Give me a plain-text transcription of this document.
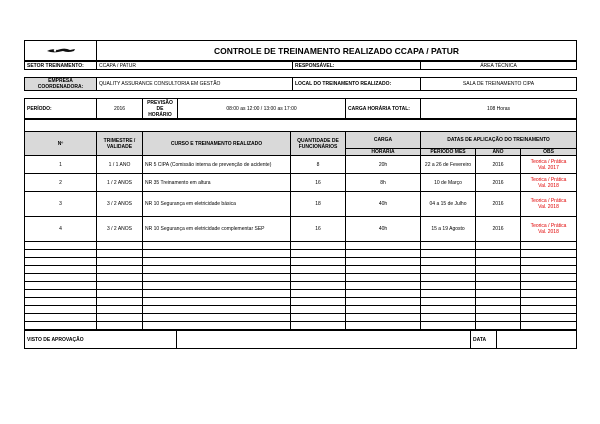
	CONTROLE DE TREINAMENTO REALIZADO CCAPA / PATUR
SETOR TREINAMENTO:	CCAPA / PATUR	RESPONSÁVEL:	ÁREA TÉCNICA
EMPRESA COORDENADORA:	QUALITY ASSURANCE CONSULTORIA EM GESTÃO	LOCAL DO TREINAMENTO REALIZADO:	SALA DE TREINAMENTO CIPA
PERÍODO:	2016	PREVISÃO DE HORÁRIO	08:00 as 12:00 / 13:00 as 17:00	CARGA HORÁRIA TOTAL:	108 Horas

Nº	TRIMESTRE / VALIDADE	CURSO E TREINAMENTO REALIZADO	QUANTIDADE DE FUNCIONÁRIOS	CARGA	DATAS DE APLICAÇÃO DO TREINAMENTO		
				HORÁRIA	PERÍODO MÊS	ANO	OBS
1	1 / 1 ANO	NR 5 CIPA (Comissão interna de prevenção de acidente)	8	20h	22 a 26 de Fevereiro	2016	Teorica / Prática
Val. 2017
2	1 / 2 ANOS	NR 35 Treinamento em altura	16	8h	10 de Março	2016	Teorica / Prática
Val. 2018
3	3 / 2 ANOS	NR 10 Segurança em eletricidade básica	18	40h	04 a 15 de Julho	2016	Teorica / Prática
Val. 2018
4	3 / 2 ANOS	NR 10 Segurança em eletricidade complementar SEP	16	40h	15 a 19 Agosto	2016	Teorica / Prática
Val. 2018

VISTO DE APROVAÇÃO		DATA	
